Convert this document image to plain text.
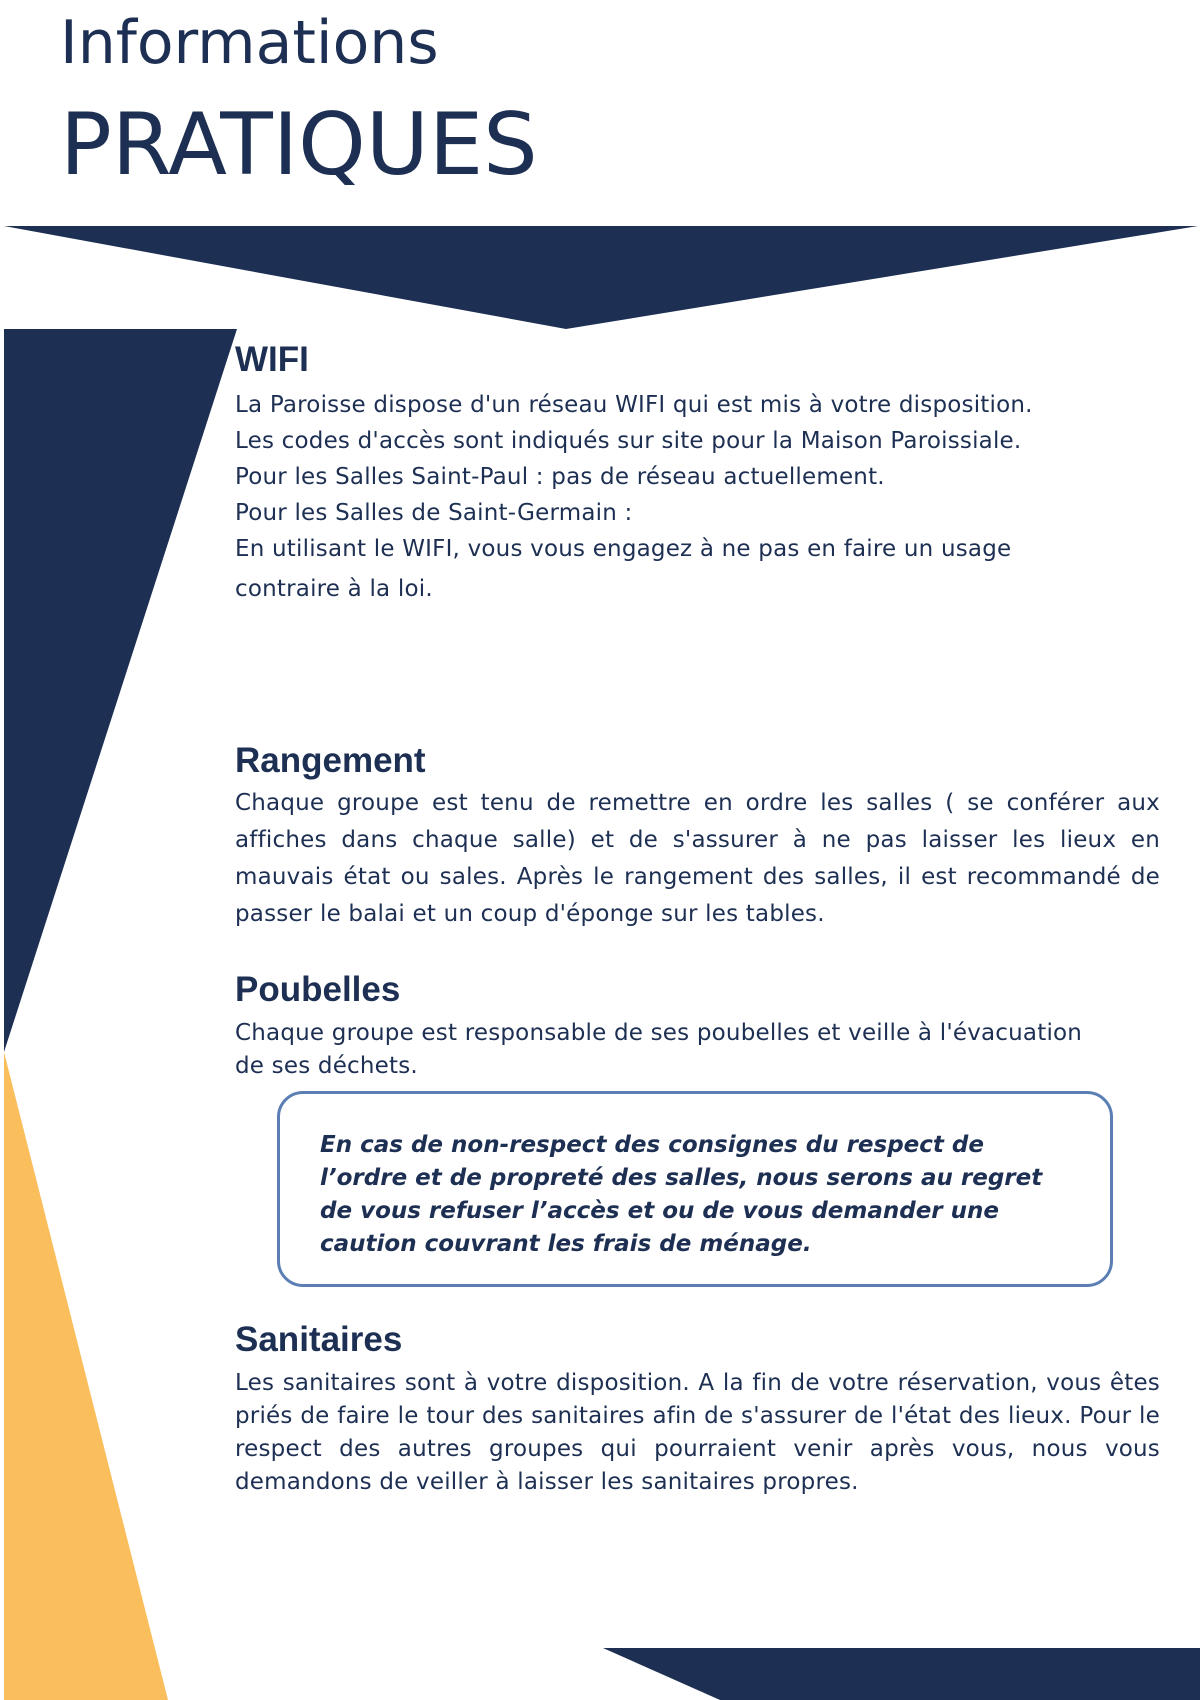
Informations
PRATIQUES
WIFI
La Paroisse dispose d'un réseau WIFI qui est mis à votre disposition.
Les codes d'accès sont indiqués sur site pour la Maison Paroissiale.
Pour les Salles Saint-Paul : pas de réseau actuellement.
Pour les Salles de Saint-Germain :
En utilisant le WIFI, vous vous engagez à ne pas en faire un usage
contraire à la loi.
Rangement

Chaque groupe est tenu de remettre en ordre les salles ( se conférer aux affiches dans chaque salle) et de s'assurer à ne pas laisser les lieux en mauvais état ou sales. Après le rangement des salles, il est recommandé de passer le balai et un coup d'éponge sur les tables.

Poubelles

Chaque groupe est responsable de ses poubelles et veille à l'évacuation de ses déchets.

En cas de non-respect des consignes du respect de l’ordre et de propreté des salles, nous serons au regret de vous refuser l’accès et ou de vous demander une caution couvrant les frais de ménage.

Sanitaires

Les sanitaires sont à votre disposition. A la fin de votre réservation, vous êtes priés de faire le tour des sanitaires afin de s'assurer de l'état des lieux. Pour le respect des autres groupes qui pourraient venir après vous, nous vous demandons de veiller à laisser les sanitaires propres.
